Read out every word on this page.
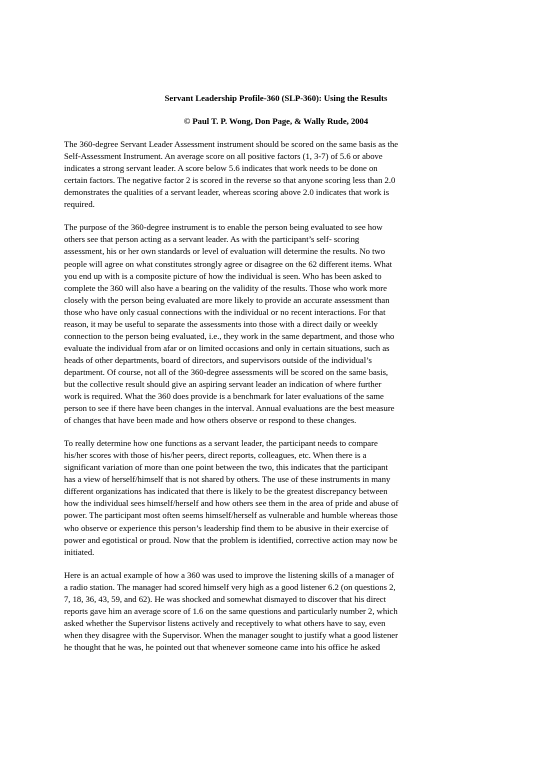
Servant Leadership Profile-360 (SLP-360): Using the Results
© Paul T. P. Wong, Don Page, & Wally Rude, 2004
The 360-degree Servant Leader Assessment instrument should be scored on the same basis as the
Self-Assessment Instrument. An average score on all positive factors (1, 3-7) of 5.6 or above
indicates a strong servant leader. A score below 5.6 indicates that work needs to be done on
certain factors. The negative factor 2 is scored in the reverse so that anyone scoring less than 2.0
demonstrates the qualities of a servant leader, whereas scoring above 2.0 indicates that work is
required.
The purpose of the 360-degree instrument is to enable the person being evaluated to see how
others see that person acting as a servant leader. As with the participant’s self- scoring
assessment, his or her own standards or level of evaluation will determine the results. No two
people will agree on what constitutes strongly agree or disagree on the 62 different items. What
you end up with is a composite picture of how the individual is seen. Who has been asked to
complete the 360 will also have a bearing on the validity of the results. Those who work more
closely with the person being evaluated are more likely to provide an accurate assessment than
those who have only casual connections with the individual or no recent interactions. For that
reason, it may be useful to separate the assessments into those with a direct daily or weekly
connection to the person being evaluated, i.e., they work in the same department, and those who
evaluate the individual from afar or on limited occasions and only in certain situations, such as
heads of other departments, board of directors, and supervisors outside of the individual’s
department. Of course, not all of the 360-degree assessments will be scored on the same basis,
but the collective result should give an aspiring servant leader an indication of where further
work is required. What the 360 does provide is a benchmark for later evaluations of the same
person to see if there have been changes in the interval. Annual evaluations are the best measure
of changes that have been made and how others observe or respond to these changes.
To really determine how one functions as a servant leader, the participant needs to compare
his/her scores with those of his/her peers, direct reports, colleagues, etc. When there is a
significant variation of more than one point between the two, this indicates that the participant
has a view of herself/himself that is not shared by others. The use of these instruments in many
different organizations has indicated that there is likely to be the greatest discrepancy between
how the individual sees himself/herself and how others see them in the area of pride and abuse of
power. The participant most often seems himself/herself as vulnerable and humble whereas those
who observe or experience this person’s leadership find them to be abusive in their exercise of
power and egotistical or proud. Now that the problem is identified, corrective action may now be
initiated.
Here is an actual example of how a 360 was used to improve the listening skills of a manager of
a radio station. The manager had scored himself very high as a good listener 6.2 (on questions 2,
7, 18, 36, 43, 59, and 62). He was shocked and somewhat dismayed to discover that his direct
reports gave him an average score of 1.6 on the same questions and particularly number 2, which
asked whether the Supervisor listens actively and receptively to what others have to say, even
when they disagree with the Supervisor. When the manager sought to justify what a good listener
he thought that he was, he pointed out that whenever someone came into his office he asked
